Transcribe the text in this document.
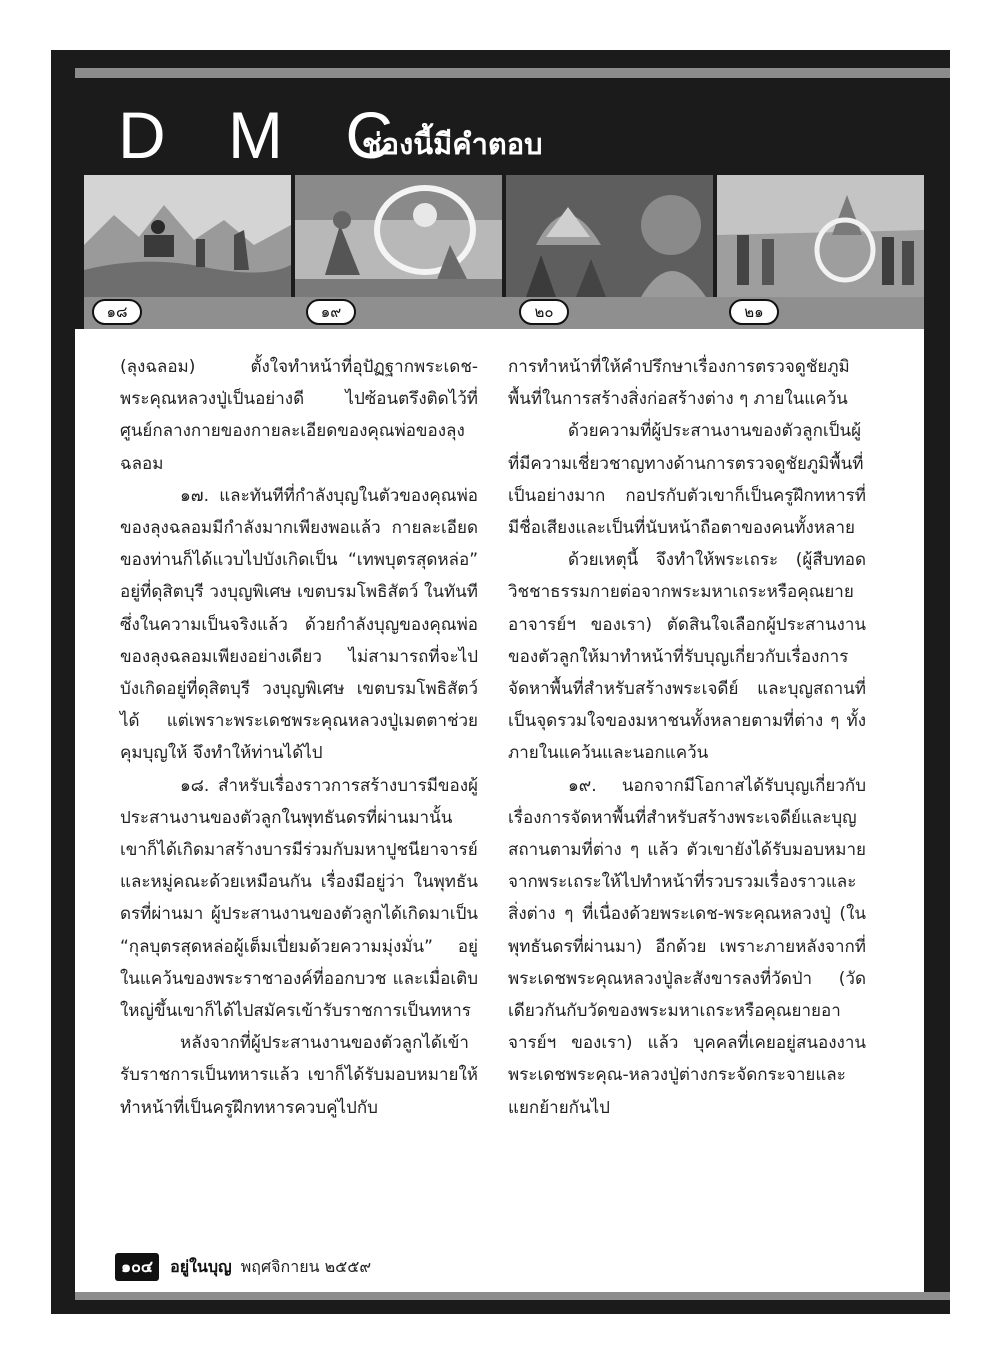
D M C
ช่องนี้มีคำตอบ
๑๘	๑๙	๒๐	๒๑

(ลุงฉลอม) ตั้งใจทำหน้าที่อุปัฏฐากพระเดช-พระคุณหลวงปู่เป็นอย่างดี ไปซ้อนตรึงติดไว้ที่ศูนย์กลางกายของกายละเอียดของคุณพ่อของลุงฉลอม

๑๗. และทันทีที่กำลังบุญในตัวของคุณพ่อของลุงฉลอมมีกำลังมากเพียงพอแล้ว กายละเอียดของท่านก็ได้แวบไปบังเกิดเป็น “เทพบุตรสุดหล่อ” อยู่ที่ดุสิตบุรี วงบุญพิเศษ เขตบรมโพธิสัตว์ ในทันที ซึ่งในความเป็นจริงแล้ว ด้วยกำลังบุญของคุณพ่อของลุงฉลอมเพียงอย่างเดียว ไม่สามารถที่จะไปบังเกิดอยู่ที่ดุสิตบุรี วงบุญพิเศษ เขตบรมโพธิสัตว์ได้ แต่เพราะพระเดชพระคุณหลวงปู่เมตตาช่วยคุมบุญให้ จึงทำให้ท่านได้ไป

๑๘. สำหรับเรื่องราวการสร้างบารมีของผู้ประสานงานของตัวลูกในพุทธันดรที่ผ่านมานั้น เขาก็ได้เกิดมาสร้างบารมีร่วมกับมหาปูชนียาจารย์และหมู่คณะด้วยเหมือนกัน เรื่องมีอยู่ว่า ในพุทธันดรที่ผ่านมา ผู้ประสานงานของตัวลูกได้เกิดมาเป็น “กุลบุตรสุดหล่อผู้เต็มเปี่ยมด้วยความมุ่งมั่น” อยู่ในแคว้นของพระราชาองค์ที่ออกบวช และเมื่อเติบใหญ่ขึ้นเขาก็ได้ไปสมัครเข้ารับราชการเป็นทหาร

หลังจากที่ผู้ประสานงานของตัวลูกได้เข้ารับราชการเป็นทหารแล้ว เขาก็ได้รับมอบหมายให้ทำหน้าที่เป็นครูฝึกทหารควบคู่ไปกับ

การทำหน้าที่ให้คำปรึกษาเรื่องการตรวจดูชัยภูมิพื้นที่ในการสร้างสิ่งก่อสร้างต่าง ๆ ภายในแคว้น

ด้วยความที่ผู้ประสานงานของตัวลูกเป็นผู้ที่มีความเชี่ยวชาญทางด้านการตรวจดูชัยภูมิพื้นที่เป็นอย่างมาก กอปรกับตัวเขาก็เป็นครูฝึกทหารที่มีชื่อเสียงและเป็นที่นับหน้าถือตาของคนทั้งหลาย

ด้วยเหตุนี้ จึงทำให้พระเถระ (ผู้สืบทอดวิชชาธรรมกายต่อจากพระมหาเถระหรือคุณยายอาจารย์ฯ ของเรา) ตัดสินใจเลือกผู้ประสานงานของตัวลูกให้มาทำหน้าที่รับบุญเกี่ยวกับเรื่องการจัดหาพื้นที่สำหรับสร้างพระเจดีย์ และบุญสถานที่เป็นจุดรวมใจของมหาชนทั้งหลายตามที่ต่าง ๆ ทั้งภายในแคว้นและนอกแคว้น

๑๙. นอกจากมีโอกาสได้รับบุญเกี่ยวกับเรื่องการจัดหาพื้นที่สำหรับสร้างพระเจดีย์และบุญสถานตามที่ต่าง ๆ แล้ว ตัวเขายังได้รับมอบหมายจากพระเถระให้ไปทำหน้าที่รวบรวมเรื่องราวและสิ่งต่าง ๆ ที่เนื่องด้วยพระเดช-พระคุณหลวงปู่ (ในพุทธันดรที่ผ่านมา) อีกด้วย เพราะภายหลังจากที่พระเดชพระคุณหลวงปู่ละสังขารลงที่วัดป่า (วัดเดียวกันกับวัดของพระมหาเถระหรือคุณยายอาจารย์ฯ ของเรา) แล้ว บุคคลที่เคยอยู่สนองงานพระเดชพระคุณ-หลวงปู่ต่างกระจัดกระจายและแยกย้ายกันไป

๑๐๔ อยู่ในบุญ พฤศจิกายน ๒๕๕๙
